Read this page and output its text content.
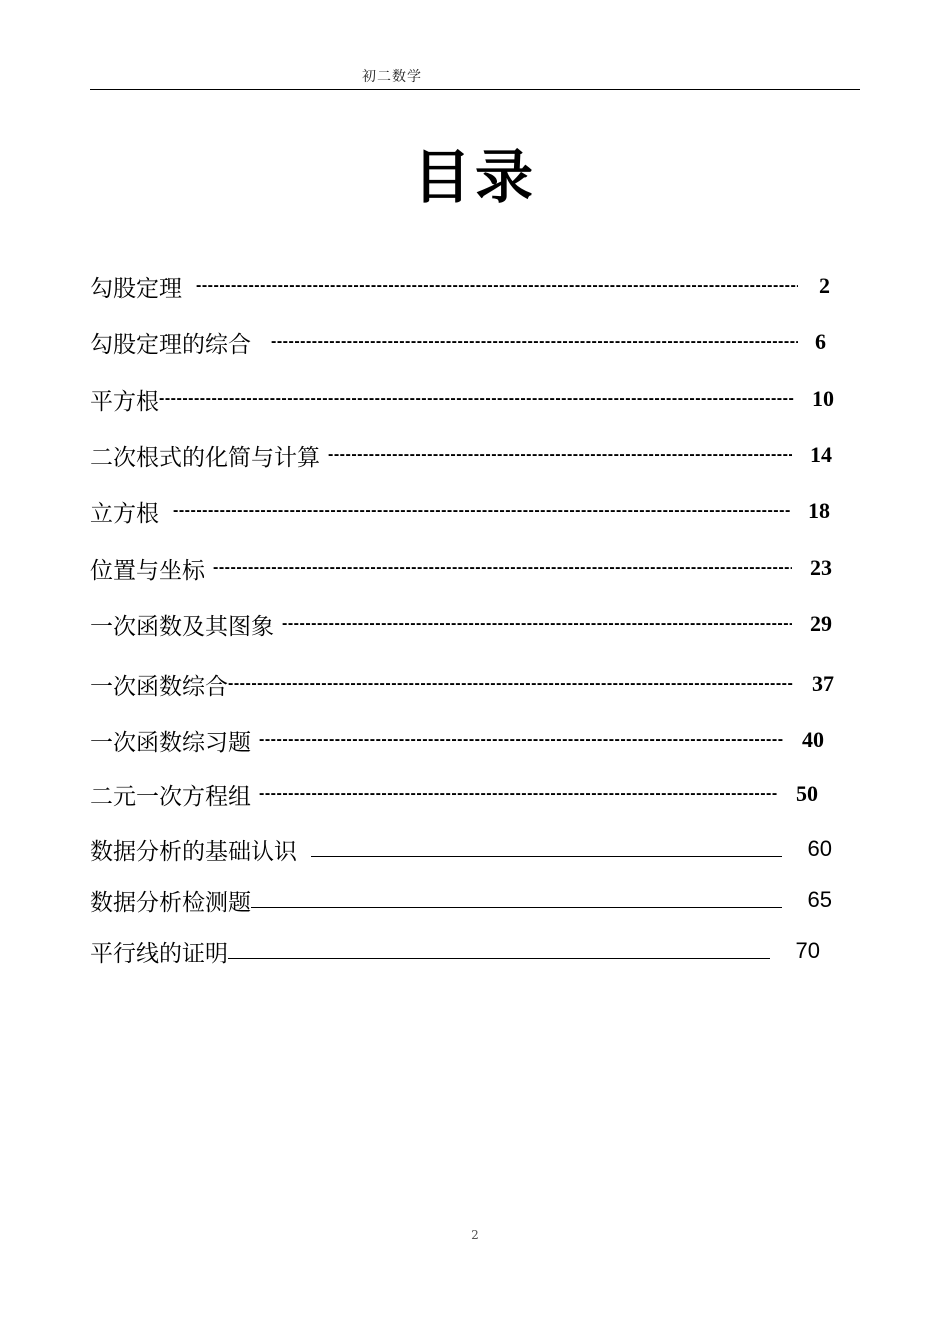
初二数学
目录
勾股定理 -----	2
勾股定理的综合 -----	6
平方根 -----	10
二次根式的化简与计算 -----	14
立方根 -----	18
位置与坐标 -----	23
一次函数及其图象 -----	29
一次函数综合 -----	37
一次函数综习题 -----	40
二元一次方程组 -----	50
数据分析的基础认识	60
数据分析检测题	65
平行线的证明	70
2
